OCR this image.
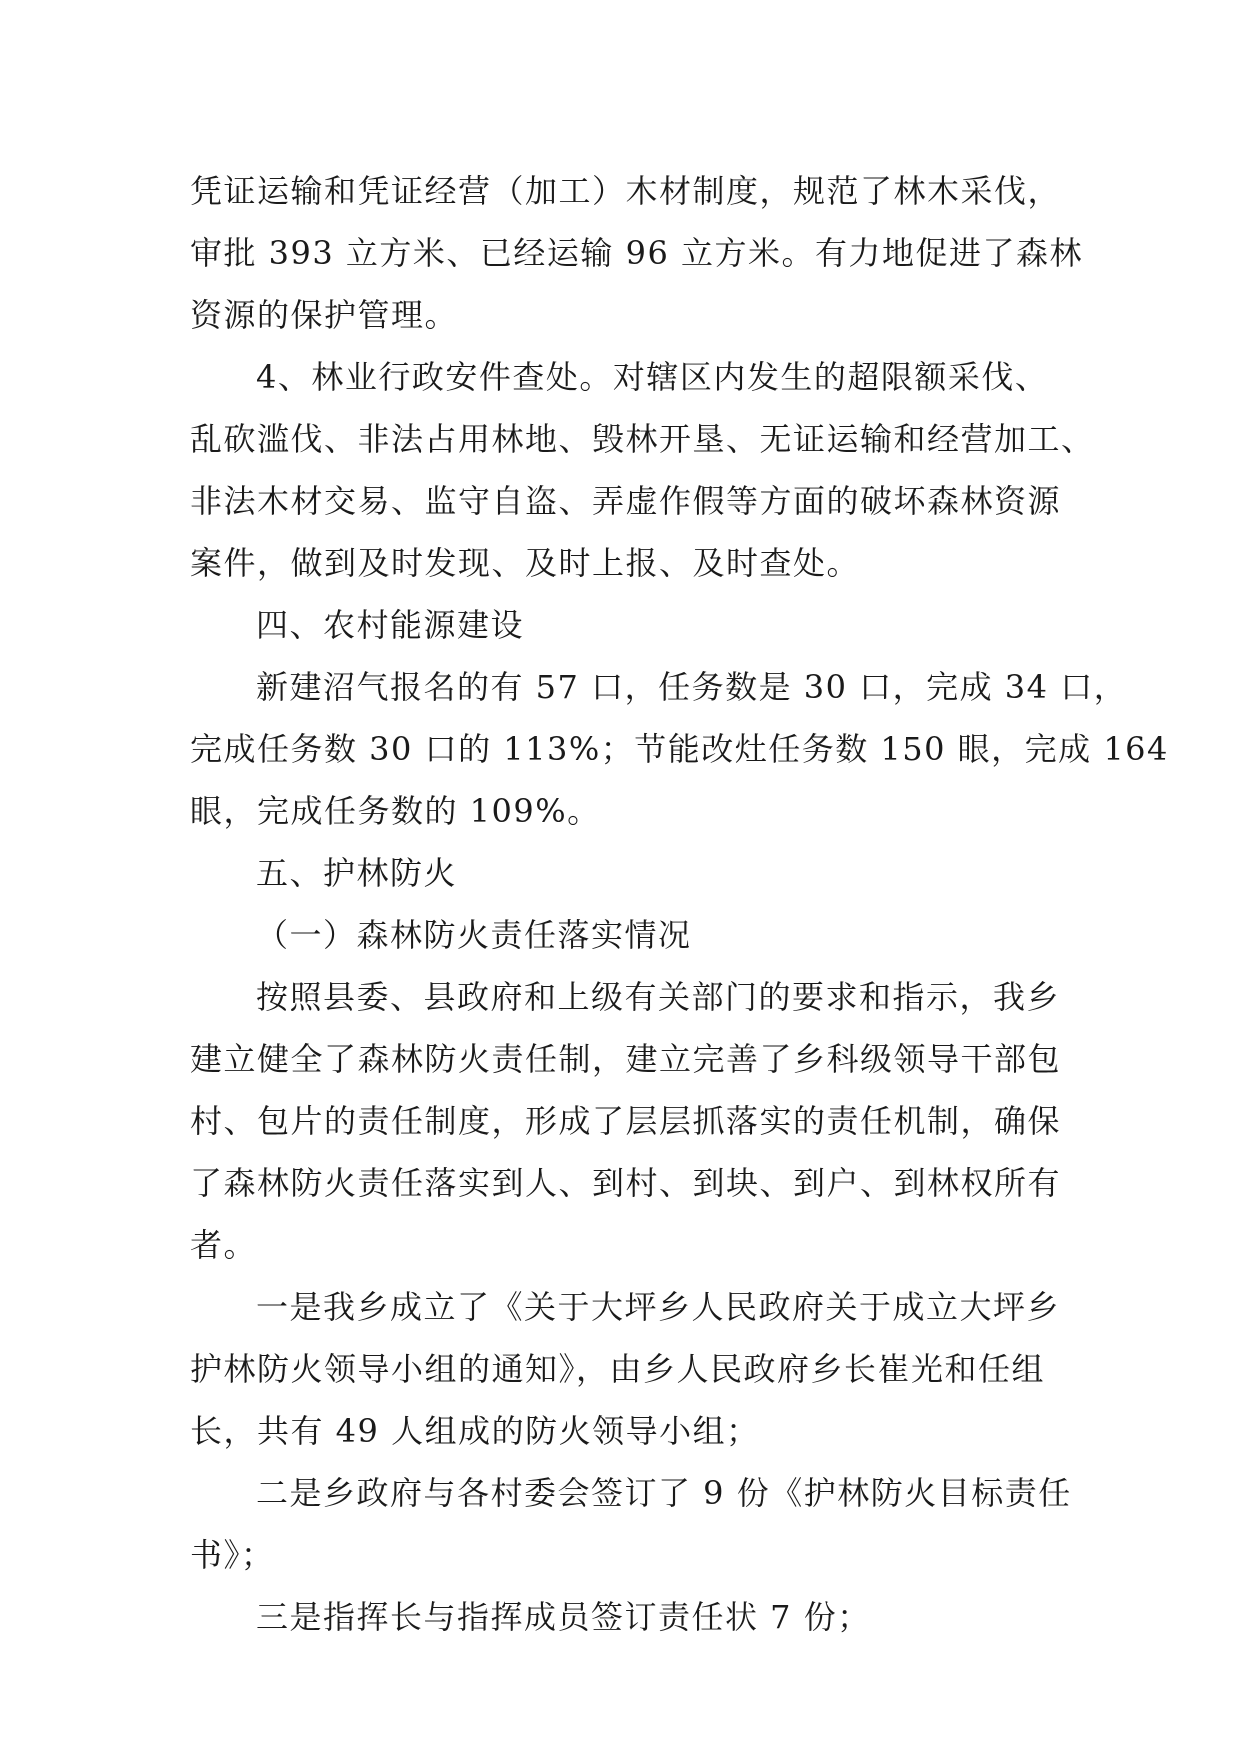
凭证运输和凭证经营（加工）木材制度，规范了林木采伐，
审批 393 立方米、已经运输 96 立方米。有力地促进了森林
资源的保护管理。
4、林业行政安件查处。对辖区内发生的超限额采伐、
乱砍滥伐、非法占用林地、毁林开垦、无证运输和经营加工、
非法木材交易、监守自盗、弄虚作假等方面的破坏森林资源
案件，做到及时发现、及时上报、及时查处。
四、农村能源建设
新建沼气报名的有 57 口，任务数是 30 口，完成 34 口，
完成任务数 30 口的 113%；节能改灶任务数 150 眼，完成 164
眼，完成任务数的 109%。
五、护林防火
（一）森林防火责任落实情况
按照县委、县政府和上级有关部门的要求和指示，我乡
建立健全了森林防火责任制，建立完善了乡科级领导干部包
村、包片的责任制度，形成了层层抓落实的责任机制，确保
了森林防火责任落实到人、到村、到块、到户、到林权所有
者。
一是我乡成立了《关于大坪乡人民政府关于成立大坪乡
护林防火领导小组的通知》，由乡人民政府乡长崔光和任组
长，共有 49 人组成的防火领导小组；
二是乡政府与各村委会签订了 9 份《护林防火目标责任
书》；
三是指挥长与指挥成员签订责任状 7 份；
